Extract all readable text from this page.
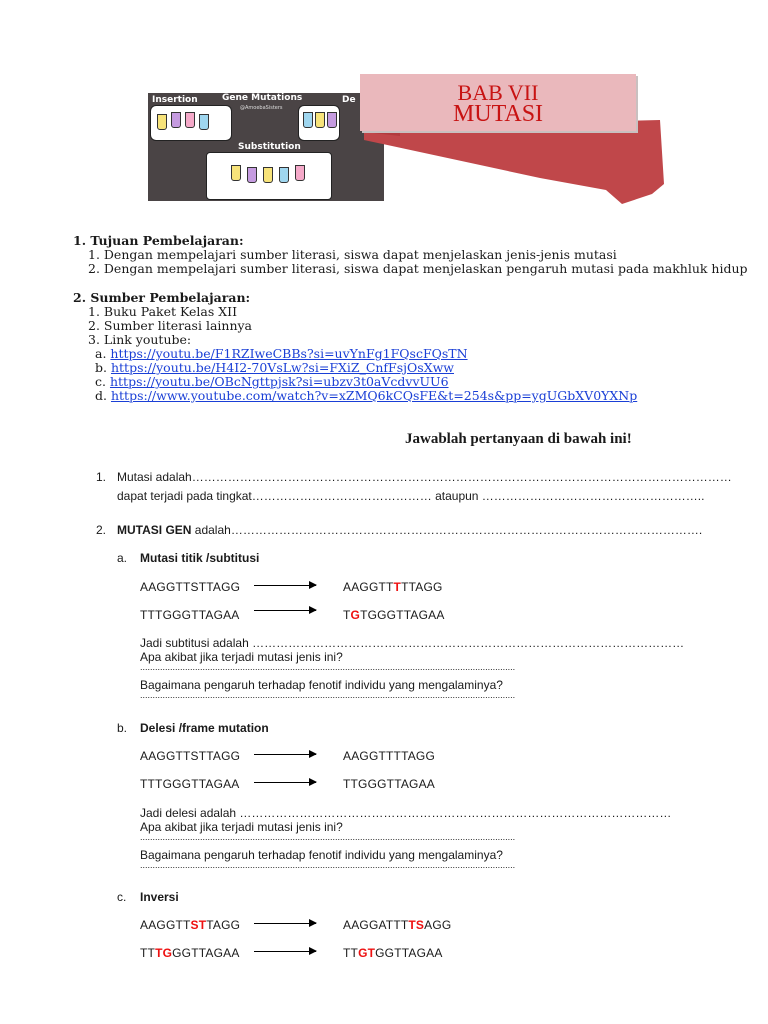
Insertion	Gene Mutations
@AmoebaSisters
De
Substitution
BAB VII
MUTASI
1. Tujuan Pembelajaran:
1. Dengan mempelajari sumber literasi, siswa dapat menjelaskan jenis-jenis mutasi
2. Dengan mempelajari sumber literasi, siswa dapat menjelaskan pengaruh mutasi pada makhluk hidup
2. Sumber Pembelajaran:
1. Buku Paket Kelas XII
2. Sumber literasi lainnya
3. Link youtube:
a. https://youtu.be/F1RZIweCBBs?si=uvYnFg1FQscFQsTN
b. https://youtu.be/H4I2-70VsLw?si=FXiZ_CnfFsjOsXww
c. https://youtu.be/OBcNgttpjsk?si=ubzv3t0aVcdvvUU6
d. https://www.youtube.com/watch?v=xZMQ6kCQsFE&t=254s&pp=ygUGbXV0YXNp
Jawablah pertanyaan di bawah ini!
1. Mutasi adalah………………………………………………………………………………………………………………………
dapat terjadi pada tingkat……………………………………… ataupun ………………………………………………..
2. MUTASI GEN adalah……………………………………………………………………………………………………….
a. Mutasi titik /subtitusi
AAGGTTSTTAGG	AAGGTTTTTAGG
TTTGGGTTAGAA	TGTGGGTTAGAA
Jadi subtitusi adalah ………………………………………………………………………………………………
Apa akibat jika terjadi mutasi jenis ini?
......................................................................................................................................................
Bagaimana pengaruh terhadap fenotif individu yang mengalaminya?
......................................................................................................................................................
b. Delesi /frame mutation
AAGGTTSTTAGG	AAGGTTTTAGG
TTTGGGTTAGAA	TTGGGTTAGAA
Jadi delesi adalah ………………………………………………………………………………………………
Apa akibat jika terjadi mutasi jenis ini?
......................................................................................................................................................
Bagaimana pengaruh terhadap fenotif individu yang mengalaminya?
......................................................................................................................................................
c. Inversi
AAGGTTSTTAGG	AAGGATTTTSAGG
TTTGGGTTAGAA	TTGTGGTTAGAA
